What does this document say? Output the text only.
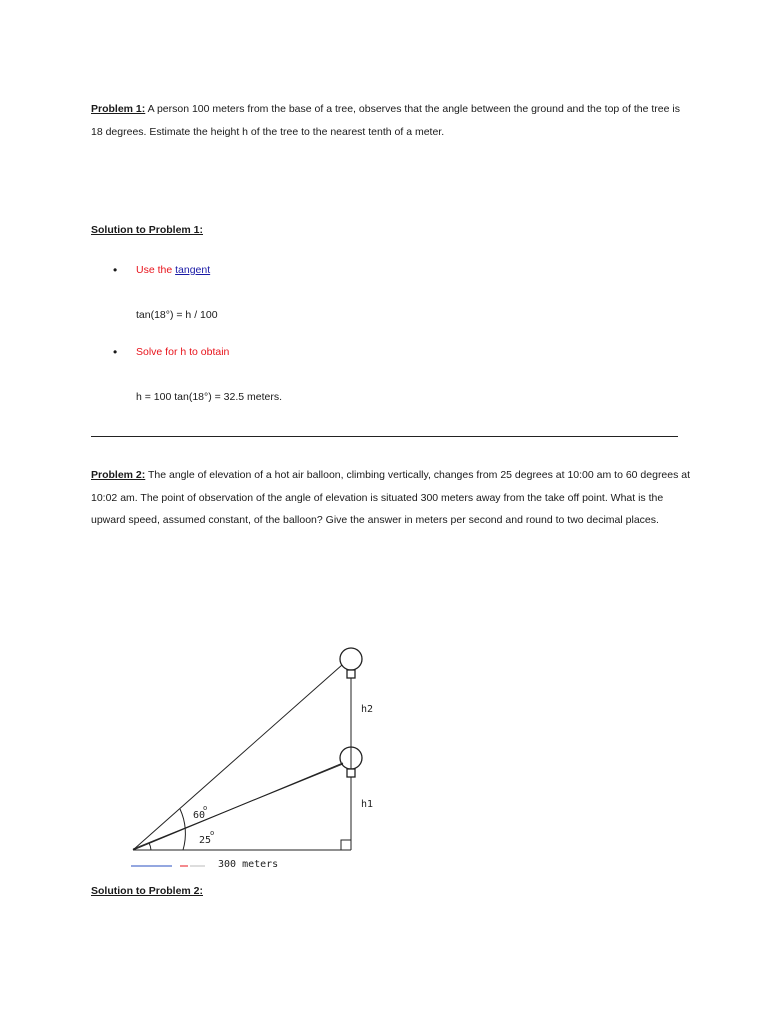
Problem 1: A person 100 meters from the base of a tree, observes that the angle between the ground and the top of the tree is 18 degrees. Estimate the height h of the tree to the nearest tenth of a meter.

Solution to Problem 1:
• Use the tangent
tan(18°) = h / 100
• Solve for h to obtain
h = 100 tan(18°) = 32.5 meters.

Problem 2: The angle of elevation of a hot air balloon, climbing vertically, changes from 25 degrees at 10:00 am to 60 degrees at 10:02 am. The point of observation of the angle of elevation is situated 300 meters away from the take off point. What is the upward speed, assumed constant, of the balloon? Give the answer in meters per second and round to two decimal places.

h2
h1
60
o
25
o
300 meters
Solution to Problem 2:
